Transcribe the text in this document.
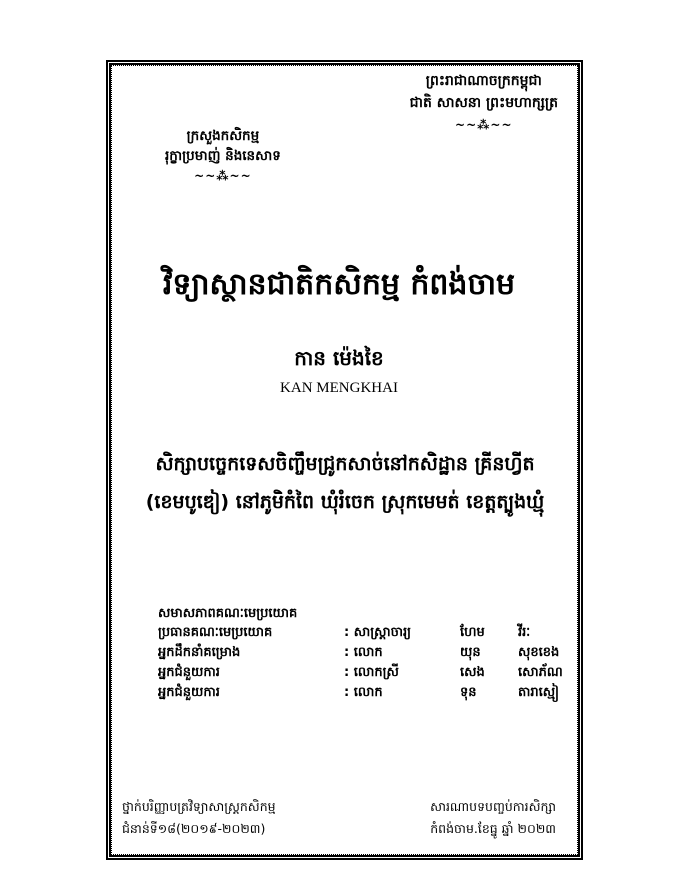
ព្រះរាជាណាចក្រកម្ពុជា
ជាតិ សាសនា ព្រះមហាក្សត្រ
~~⁂~~
ក្រសួងកសិកម្ម
រុក្ខាប្រមាញ់ និងនេសាទ
~~⁂~~
វិទ្យាស្ថានជាតិកសិកម្ម កំពង់ចាម
កាន ម៉េងខៃ
KAN MENGKHAI
សិក្សាបច្ចេកទេសចិញ្ចឹមជ្រូកសាច់នៅកសិដ្ឋាន គ្រីនហ្វីត (ខេមបូឌៀ) នៅភូមិកំពៃ ឃុំរំចេក ស្រុកមេមត់ ខេត្តត្បូងឃ្មុំ
សមាសភាពគណៈមេប្រយោគ
ប្រធានគណៈមេប្រយោគ	: សាស្ត្រាចារ្យ	ហែម	វីរៈ
អ្នកដឹកនាំគម្រោង	: លោក	យុន	សុខខេង
អ្នកជំនួយការ	: លោកស្រី	សេង	សោភ័ណ
អ្នកជំនួយការ	: លោក	ទុន	តារាស្មៀ
ថ្នាក់បរិញ្ញាបត្រវិទ្យាសាស្ត្រកសិកម្ម
ជំនាន់ទី១៨(២០១៩-២០២៣)
សារណាបទបញ្ចប់ការសិក្សា
កំពង់ចាម.ខែធ្នូ ឆ្នាំ ២០២៣
